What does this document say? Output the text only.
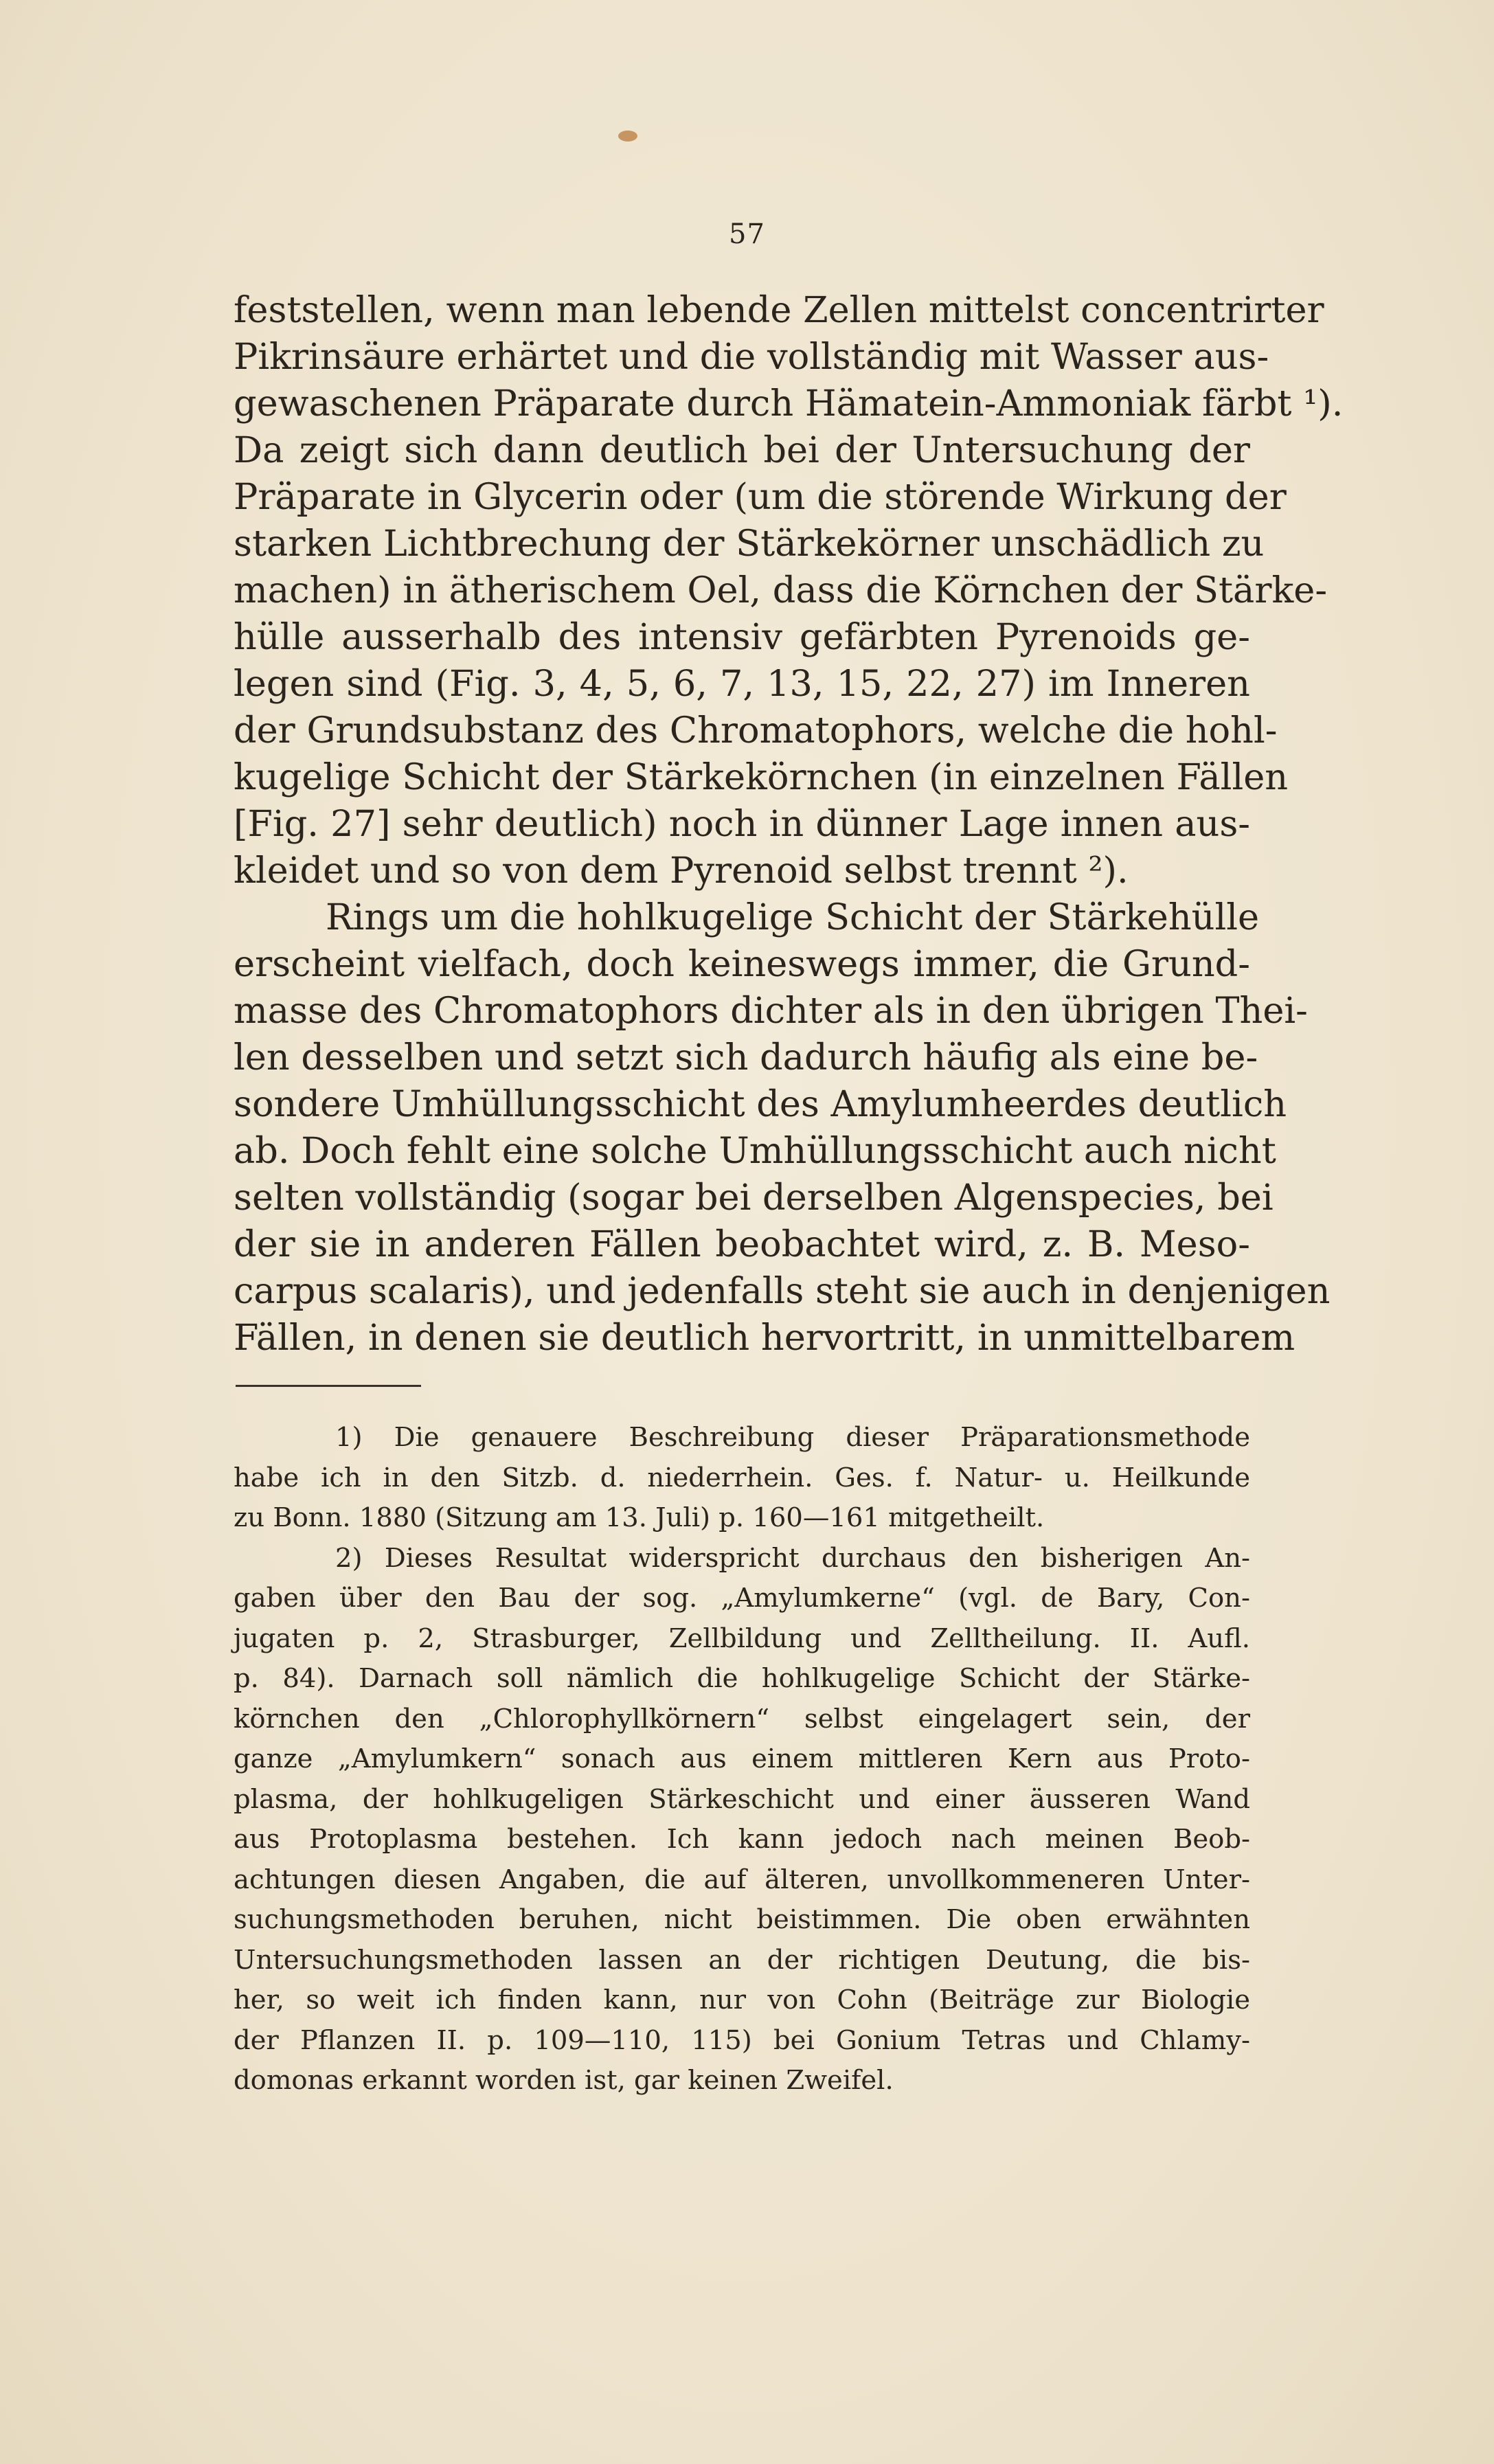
57
feststellen, wenn man lebende Zellen mittelst concentrirter
Pikrinsäure erhärtet und die vollständig mit Wasser aus-
gewaschenen Präparate durch Hämatein-Ammoniak färbt ¹).
Da zeigt sich dann deutlich bei der Untersuchung der
Präparate in Glycerin oder (um die störende Wirkung der
starken Lichtbrechung der Stärkekörner unschädlich zu
machen) in ätherischem Oel, dass die Körnchen der Stärke-
hülle ausserhalb des intensiv gefärbten Pyrenoids ge-
legen sind (Fig. 3, 4, 5, 6, 7, 13, 15, 22, 27) im Inneren
der Grundsubstanz des Chromatophors, welche die hohl-
kugelige Schicht der Stärkekörnchen (in einzelnen Fällen
[Fig. 27] sehr deutlich) noch in dünner Lage innen aus-
kleidet und so von dem Pyrenoid selbst trennt ²).
Rings um die hohlkugelige Schicht der Stärkehülle
erscheint vielfach, doch keineswegs immer, die Grund-
masse des Chromatophors dichter als in den übrigen Thei-
len desselben und setzt sich dadurch häufig als eine be-
sondere Umhüllungsschicht des Amylumheerdes deutlich
ab. Doch fehlt eine solche Umhüllungsschicht auch nicht
selten vollständig (sogar bei derselben Algenspecies, bei
der sie in anderen Fällen beobachtet wird, z. B. Meso-
carpus scalaris), und jedenfalls steht sie auch in denjenigen
Fällen, in denen sie deutlich hervortritt, in unmittelbarem
1) Die genauere Beschreibung dieser Präparationsmethode
habe ich in den Sitzb. d. niederrhein. Ges. f. Natur- u. Heilkunde
zu Bonn. 1880 (Sitzung am 13. Juli) p. 160—161 mitgetheilt.
2) Dieses Resultat widerspricht durchaus den bisherigen An-
gaben über den Bau der sog. „Amylumkerne“ (vgl. de Bary, Con-
jugaten p. 2, Strasburger, Zellbildung und Zelltheilung. II. Aufl.
p. 84). Darnach soll nämlich die hohlkugelige Schicht der Stärke-
körnchen den „Chlorophyllkörnern“ selbst eingelagert sein, der
ganze „Amylumkern“ sonach aus einem mittleren Kern aus Proto-
plasma, der hohlkugeligen Stärkeschicht und einer äusseren Wand
aus Protoplasma bestehen. Ich kann jedoch nach meinen Beob-
achtungen diesen Angaben, die auf älteren, unvollkommeneren Unter-
suchungsmethoden beruhen, nicht beistimmen. Die oben erwähnten
Untersuchungsmethoden lassen an der richtigen Deutung, die bis-
her, so weit ich finden kann, nur von Cohn (Beiträge zur Biologie
der Pflanzen II. p. 109—110, 115) bei Gonium Tetras und Chlamy-
domonas erkannt worden ist, gar keinen Zweifel.
